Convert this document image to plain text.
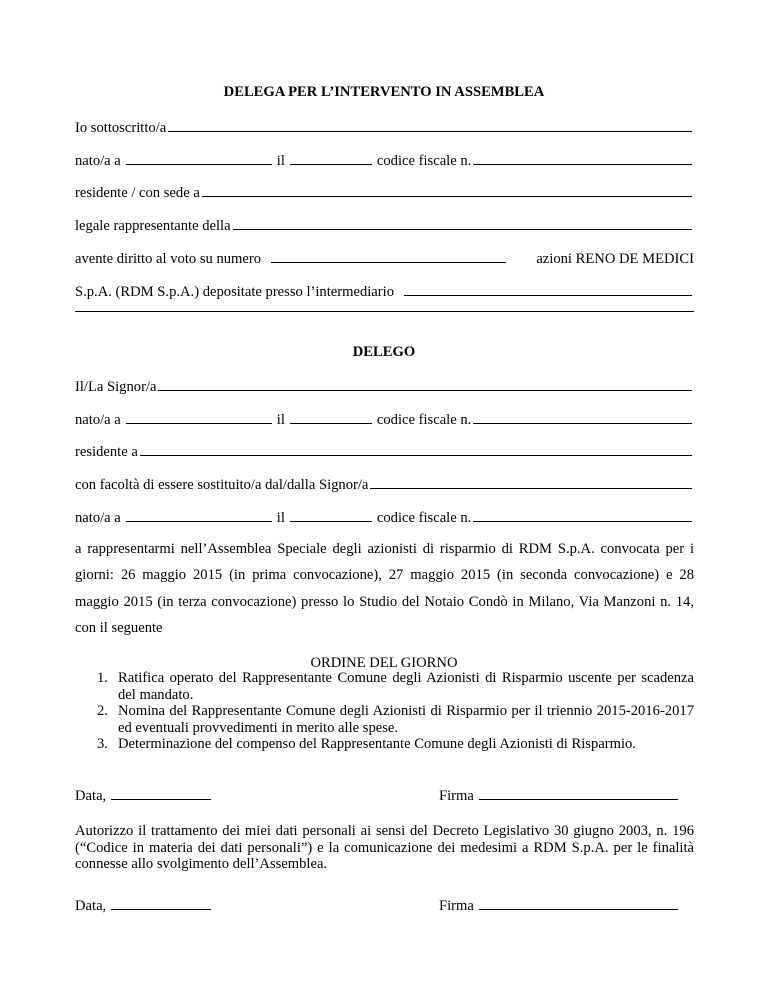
DELEGA PER L’INTERVENTO IN ASSEMBLEA
Io sottoscritto/a
nato/a a	il	codice fiscale n.
residente / con sede a
legale rappresentante della
avente diritto al voto su numero	azioni RENO DE MEDICI
S.p.A. (RDM S.p.A.) depositate presso l’intermediario
DELEGO
Il/La Signor/a
nato/a a	il	codice fiscale n.
residente a
con facoltà di essere sostituito/a dal/dalla Signor/a
nato/a a	il	codice fiscale n.
a rappresentarmi nell’Assemblea Speciale degli azionisti di risparmio di RDM S.p.A. convocata per i giorni: 26 maggio 2015 (in prima convocazione), 27 maggio 2015 (in seconda convocazione) e 28 maggio 2015 (in terza convocazione) presso lo Studio del Notaio Condò in Milano, Via Manzoni n. 14, con il seguente
ORDINE DEL GIORNO
1. Ratifica operato del Rappresentante Comune degli Azionisti di Risparmio uscente per scadenza del mandato.
2. Nomina del Rappresentante Comune degli Azionisti di Risparmio per il triennio 2015-2016-2017 ed eventuali provvedimenti in merito alle spese.
3. Determinazione del compenso del Rappresentante Comune degli Azionisti di Risparmio.
Data,	Firma
Autorizzo il trattamento dei miei dati personali ai sensi del Decreto Legislativo 30 giugno 2003, n. 196 (“Codice in materia dei dati personali”) e la comunicazione dei medesimi a RDM S.p.A. per le finalità connesse allo svolgimento dell’Assemblea.
Data,	Firma
